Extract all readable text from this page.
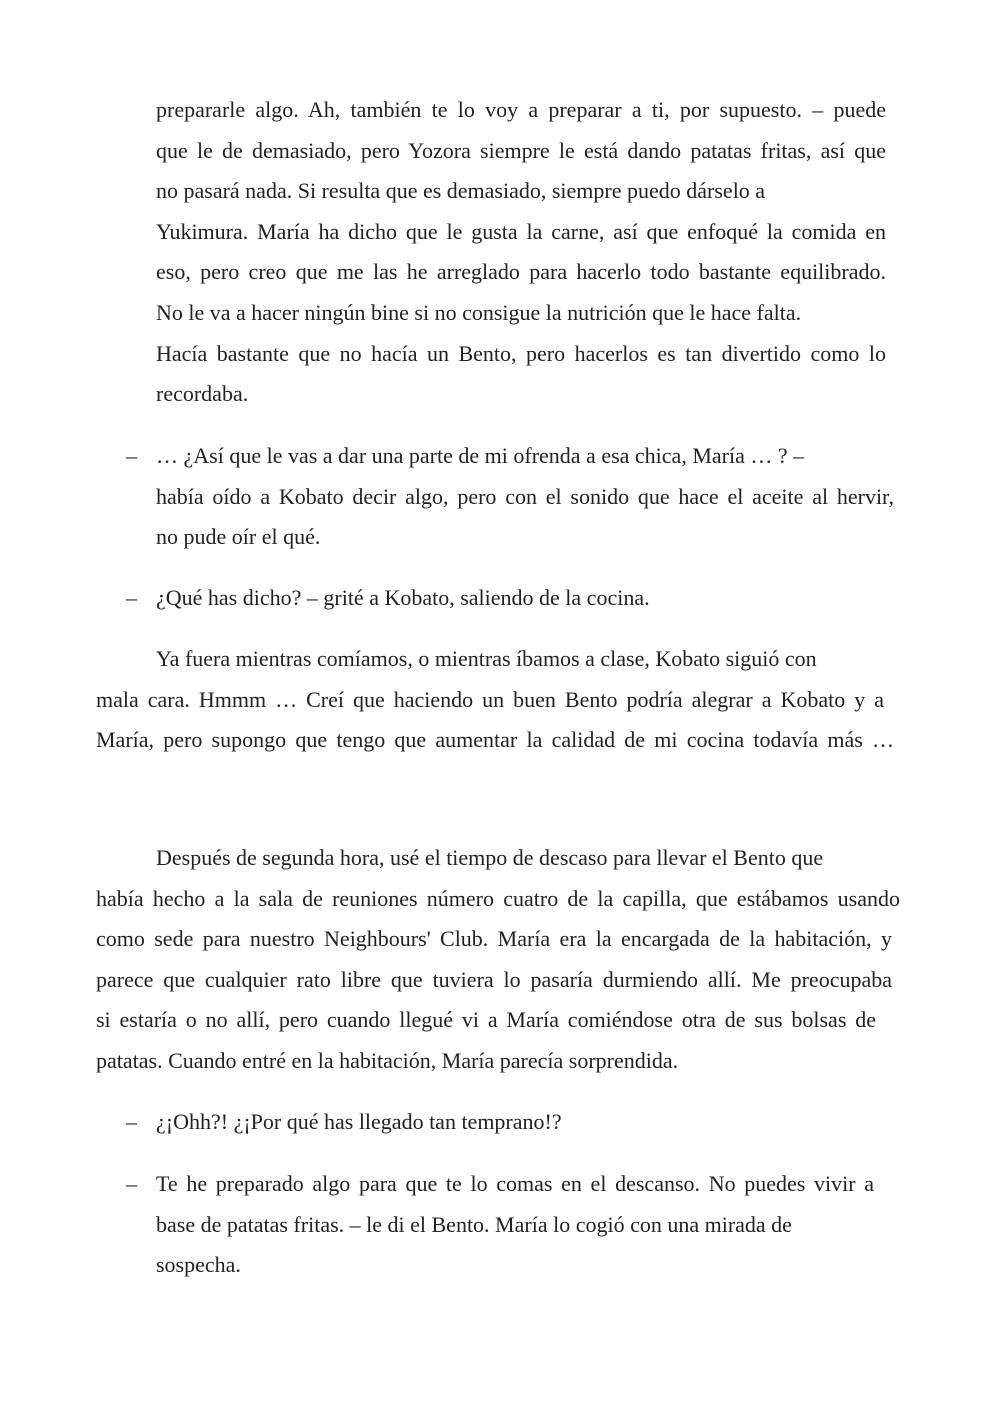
prepararle algo. Ah, también te lo voy a preparar a ti, por supuesto. – puede
que le de demasiado, pero Yozora siempre le está dando patatas fritas, así que
no pasará nada. Si resulta que es demasiado, siempre puedo dárselo a
Yukimura. María ha dicho que le gusta la carne, así que enfoqué la comida en
eso, pero creo que me las he arreglado para hacerlo todo bastante equilibrado.
No le va a hacer ningún bine si no consigue la nutrición que le hace falta.
Hacía bastante que no hacía un Bento, pero hacerlos es tan divertido como lo
recordaba.
– … ¿Así que le vas a dar una parte de mi ofrenda a esa chica, María … ? –
había oído a Kobato decir algo, pero con el sonido que hace el aceite al hervir,
no pude oír el qué.
– ¿Qué has dicho? – grité a Kobato, saliendo de la cocina.
Ya fuera mientras comíamos, o mientras íbamos a clase, Kobato siguió con
mala cara. Hmmm … Creí que haciendo un buen Bento podría alegrar a Kobato y a
María, pero supongo que tengo que aumentar la calidad de mi cocina todavía más …
Después de segunda hora, usé el tiempo de descaso para llevar el Bento que
había hecho a la sala de reuniones número cuatro de la capilla, que estábamos usando
como sede para nuestro Neighbours' Club. María era la encargada de la habitación, y
parece que cualquier rato libre que tuviera lo pasaría durmiendo allí. Me preocupaba
si estaría o no allí, pero cuando llegué vi a María comiéndose otra de sus bolsas de
patatas. Cuando entré en la habitación, María parecía sorprendida.
– ¿¡Ohh?! ¿¡Por qué has llegado tan temprano!?
– Te he preparado algo para que te lo comas en el descanso. No puedes vivir a
base de patatas fritas. – le di el Bento. María lo cogió con una mirada de
sospecha.
